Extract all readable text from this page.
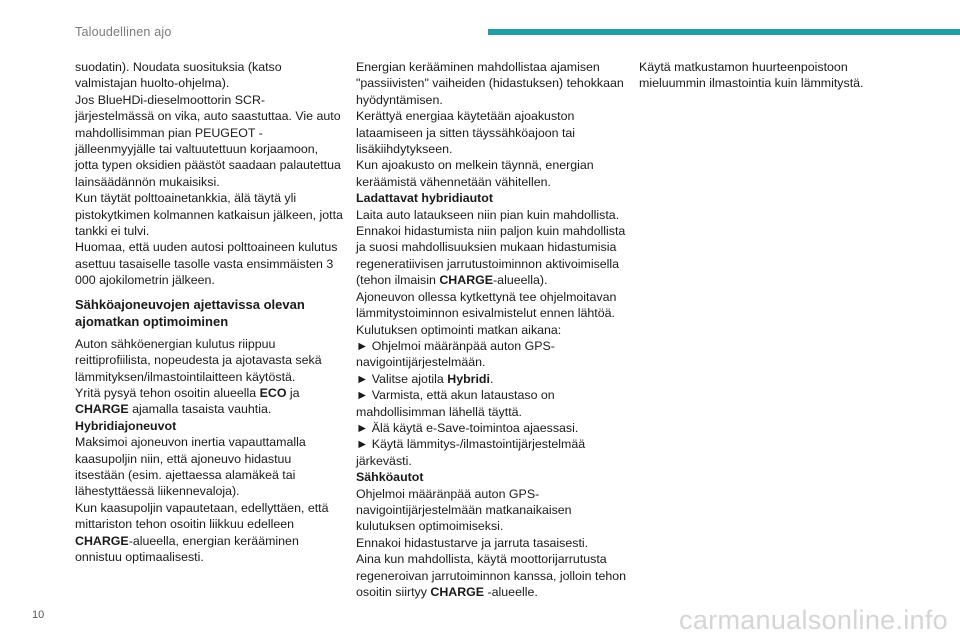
Taloudellinen ajo

suodatin). Noudata suosituksia (katso valmistajan huolto-ohjelma).

Jos BlueHDi-dieselmoottorin SCR-järjestelmässä on vika, auto saastuttaa. Vie auto mahdollisimman pian PEUGEOT -jälleenmyyjälle tai valtuutettuun korjaamoon, jotta typen oksidien päästöt saadaan palautettua lainsäädännön mukaisiksi.

Kun täytät polttoainetankkia, älä täytä yli pistokytkimen kolmannen katkaisun jälkeen, jotta tankki ei tulvi.

Huomaa, että uuden autosi polttoaineen kulutus asettuu tasaiselle tasolle vasta ensimmäisten 3 000 ajokilometrin jälkeen.

Sähköajoneuvojen ajettavissa olevan ajomatkan optimoiminen

Auton sähköenergian kulutus riippuu reittiprofiilista, nopeudesta ja ajotavasta sekä lämmityksen/ilmastointilaitteen käytöstä.

Yritä pysyä tehon osoitin alueella ECO ja CHARGE ajamalla tasaista vauhtia.

Hybridiajoneuvot

Maksimoi ajoneuvon inertia vapauttamalla kaasupoljin niin, että ajoneuvo hidastuu itsestään (esim. ajettaessa alamäkeä tai lähestyttäessä liikennevaloja).

Kun kaasupoljin vapautetaan, edellyttäen, että mittariston tehon osoitin liikkuu edelleen CHARGE-alueella, energian kerääminen onnistuu optimaalisesti.

Energian kerääminen mahdollistaa ajamisen "passiivisten" vaiheiden (hidastuksen) tehokkaan hyödyntämisen.

Kerättyä energiaa käytetään ajoakuston lataamiseen ja sitten täyssähköajoon tai lisäkiihdytykseen.

Kun ajoakusto on melkein täynnä, energian keräämistä vähennetään vähitellen.

Ladattavat hybridiautot

Laita auto lataukseen niin pian kuin mahdollista.

Ennakoi hidastumista niin paljon kuin mahdollista ja suosi mahdollisuuksien mukaan hidastumisia regeneratiivisen jarrutustoiminnon aktivoimisella (tehon ilmaisin CHARGE-alueella).

Ajoneuvon ollessa kytkettynä tee ohjelmoitavan lämmitystoiminnon esivalmistelut ennen lähtöä.

Kulutuksen optimointi matkan aikana:

► Ohjelmoi määränpää auton GPS-navigointijärjestelmään.

► Valitse ajotila Hybridi.

► Varmista, että akun lataustaso on mahdollisimman lähellä täyttä.

► Älä käytä e-Save-toimintoa ajaessasi.

► Käytä lämmitys-/ilmastointijärjestelmää järkevästi.

Sähköautot

Ohjelmoi määränpää auton GPS-navigointijärjestelmään matkanaikaisen kulutuksen optimoimiseksi.

Ennakoi hidastustarve ja jarruta tasaisesti.

Aina kun mahdollista, käytä moottorijarrutusta regeneroivan jarrutoiminnon kanssa, jolloin tehon osoitin siirtyy CHARGE -alueelle.

Käytä matkustamon huurteenpoistoon mieluummin ilmastointia kuin lämmitystä.

10	carmanualsonline.info
